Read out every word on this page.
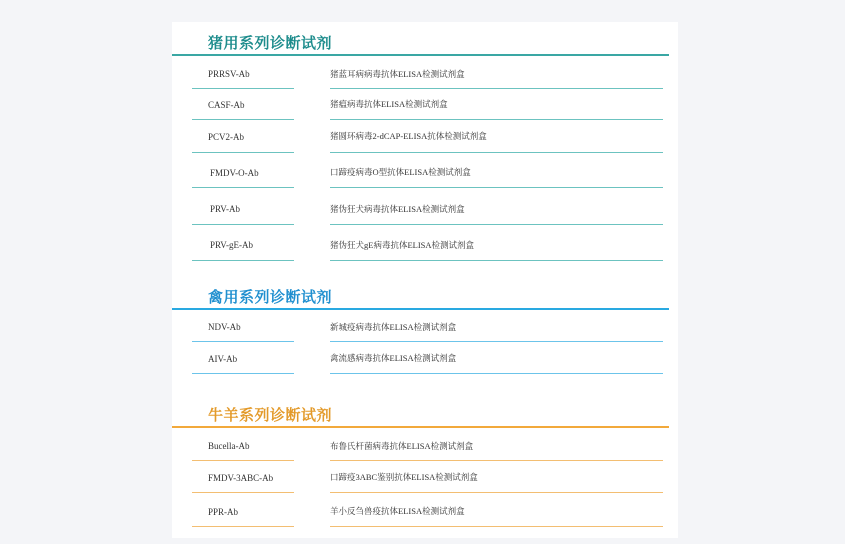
猪用系列诊断试剂
PRRSV-Ab	猪蓝耳病病毒抗体ELISA检测试剂盒
CASF-Ab	猪瘟病毒抗体ELISA检测试剂盒
PCV2-Ab	猪圆环病毒2-dCAP-ELISA抗体检测试剂盒
FMDV-O-Ab	口蹄疫病毒O型抗体ELISA检测试剂盒
PRV-Ab	猪伪狂犬病毒抗体ELISA检测试剂盒
PRV-gE-Ab	猪伪狂犬gE病毒抗体ELISA检测试剂盒
禽用系列诊断试剂
NDV-Ab	新城疫病毒抗体ELISA检测试剂盒
AIV-Ab	禽流感病毒抗体ELISA检测试剂盒
牛羊系列诊断试剂
Bucella-Ab	布鲁氏杆菌病毒抗体ELISA检测试剂盒
FMDV-3ABC-Ab	口蹄疫3ABC鉴别抗体ELISA检测试剂盒
PPR-Ab	羊小反刍兽疫抗体ELISA检测试剂盒
